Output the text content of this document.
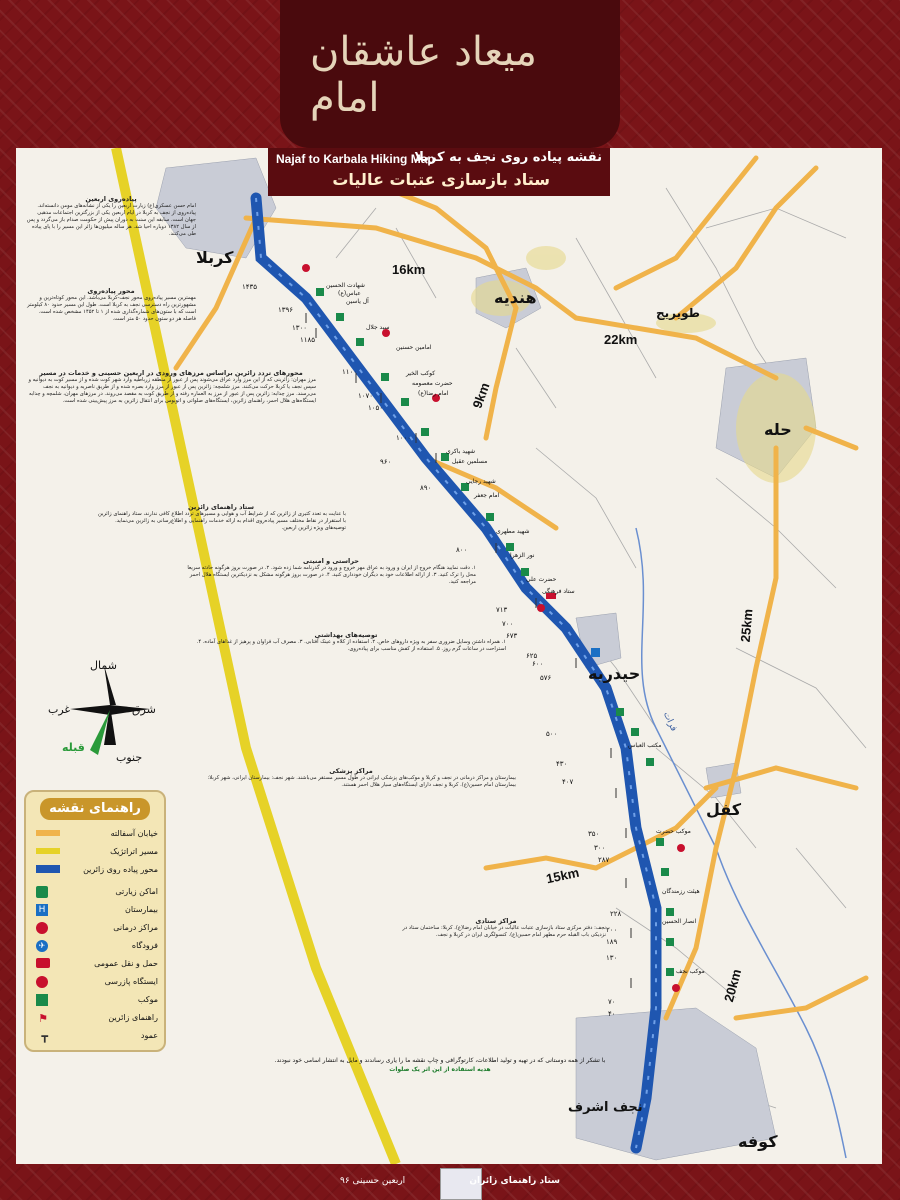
میعاد عاشقان امام
کربلا
هندیه
طویریج
حله
حیدریه
کفل
نجف اشرف
کوفه
16km
22km
9km
25km
15km
20km
فرات
۱۴۳۵
۱۳۹۶
۱۳۰۰
۱۱۸۵
۱۱۰۰
۱۰۷۰
۱۰۵۰
۱۰۰۰
۹۶۰
۸۹۰
۸۰۰
۷۱۳
۷۰۰
۶۷۳
۶۲۵
۶۰۰
۵۷۶
۵۰۰
۴۳۰
۴۰۷
۳۵۰
۳۰۰
۲۸۷
۲۲۸
۲۰۰
۱۸۹
۱۳۰
۷۰
۴۰
شهادت الحسین
عباس(ع)
آل یاسین
سید جلال
امامین حسنین
کوکب الخیر
حضرت معصومه
امام رضا(ع)
شهید باکری
مسلمین عقیل
شهید رجایی
امام جعفر
شهید مطهری
نور الزهرا
حضرت علی
ستاد فرهنگی
مکتب العباس
موکب حضرت
هیئت رزمندگان
انصار الحسین
موکب نجف
پیاده‌روی اربعین

امام حسن عسکری(ع) زیارت اربعین را یکی از نشانه‌های مومن دانسته‌اند. پیاده‌روی از نجف به کربلا در ایام اربعین یکی از بزرگترین اجتماعات مذهبی جهان است. سابقه این سنت به دوران پیش از حکومت صدام باز می‌گردد و پس از سال ۱۳۸۲ دوباره احیا شد. هر ساله میلیون‌ها زائر این مسیر را با پای پیاده طی می‌کنند.

محور پیاده‌روی

مهمترین مسیر پیاده‌روی محور نجف-کربلا می‌باشد. این محور کوتاه‌ترین و مشهورترین راه دسترسی نجف به کربلا است. طول این مسیر حدود ۸۰ کیلومتر است که با ستون‌های شماره‌گذاری شده از ۱ تا ۱۴۵۲ مشخص شده است. فاصله هر دو ستون حدود ۵۰ متر است.

محورهای تردد زائرین براساس مرزهای ورودی در اربعین حسینی و خدمات در مسیر

مرز مهران: زائرینی که از این مرز وارد عراق می‌شوند پس از عبور از منطقه زرباطیه وارد شهر کوت شده و از مسیر کوت به دیوانیه و سپس نجف یا کربلا حرکت می‌کنند. مرز شلمچه: زائرین پس از عبور از مرز وارد بصره شده و از طریق ناصریه و دیوانیه به نجف می‌رسند. مرز چذابه: زائرین پس از عبور از مرز به العماره رفته و از طریق کوت به مقصد می‌روند. در مرزهای مهران، شلمچه و چذابه ایستگاه‌های هلال احمر، راهنمای زائرین، ایستگاه‌های صلواتی و اتوبوس برای انتقال زائرین به مرز پیش‌بینی شده است.

ستاد راهنمای زائرین

با عنایت به تعدد کثیری از زائرین که از شرایط آب و هوایی و مسیرهای تردد اطلاع کافی ندارند، ستاد راهنمای زائرین با استقرار در نقاط مختلف مسیر پیاده‌روی اقدام به ارائه خدمات راهنمایی و اطلاع‌رسانی به زائرین می‌نماید. توصیه‌های ویژه زائرین اربعین.

حراستی و امنیتی

۱. دقت نمایید هنگام خروج از ایران و ورود به عراق مهر خروج و ورود در گذرنامه شما زده شود. ۲. در صورت بروز هرگونه حادثه سریعا محل را ترک کنید. ۳. از ارائه اطلاعات خود به دیگران خودداری کنید. ۴. در صورت بروز هرگونه مشکل به نزدیکترین ایستگاه هلال احمر مراجعه کنید.

توصیه‌های بهداشتی

۱. همراه داشتن وسایل ضروری سفر به ویژه داروهای خاص. ۲. استفاده از کلاه و عینک آفتابی. ۳. مصرف آب فراوان و پرهیز از غذاهای آماده. ۴. استراحت در ساعات گرم روز. ۵. استفاده از کفش مناسب برای پیاده‌روی.

مراکز پزشکی

بیمارستان و مراکز درمانی در نجف و کربلا و موکب‌های پزشکی ایرانی در طول مسیر مستقر می‌باشند. شهر نجف: بیمارستان ایرانی، شهر کربلا: بیمارستان امام حسین(ع). کربلا و نجف دارای ایستگاه‌های سیار هلال احمر هستند.

مراکز ستادی

نجف: دفتر مرکزی ستاد بازسازی عتبات عالیات در خیابان امام رضا(ع). کربلا: ساختمان ستاد در نزدیکی باب القبله حرم مطهر امام حسین(ع). کنسولگری ایران در کربلا و نجف.

Najaf to Karbala Hiking Map
نقشه پیاده روی نجف به کربلا
ستاد بازسازی عتبات عالیات
شمال
شرق
غرب
جنوب
قبله
راهنمای نقشه
خیابان آسفالته
مسیر اتراتژیک
محور پیاده روی زائرین
اماکن زیارتی
H	بیمارستان
مراکز درمانی
✈	فرودگاه
حمل و نقل عمومی
ایستگاه پازرسی
موکب
⚑	راهنمای زائرین
┳	عمود
با تشکر از همه دوستانی که در تهیه و تولید اطلاعات، کارتوگرافی و چاپ نقشه ما را یاری رساندند و مایل به انتشار اسامی خود نبودند.
هدیه استفاده از این اثر یک صلوات
ستاد راهنمای زائران
اربعین حسینی ۹۶
